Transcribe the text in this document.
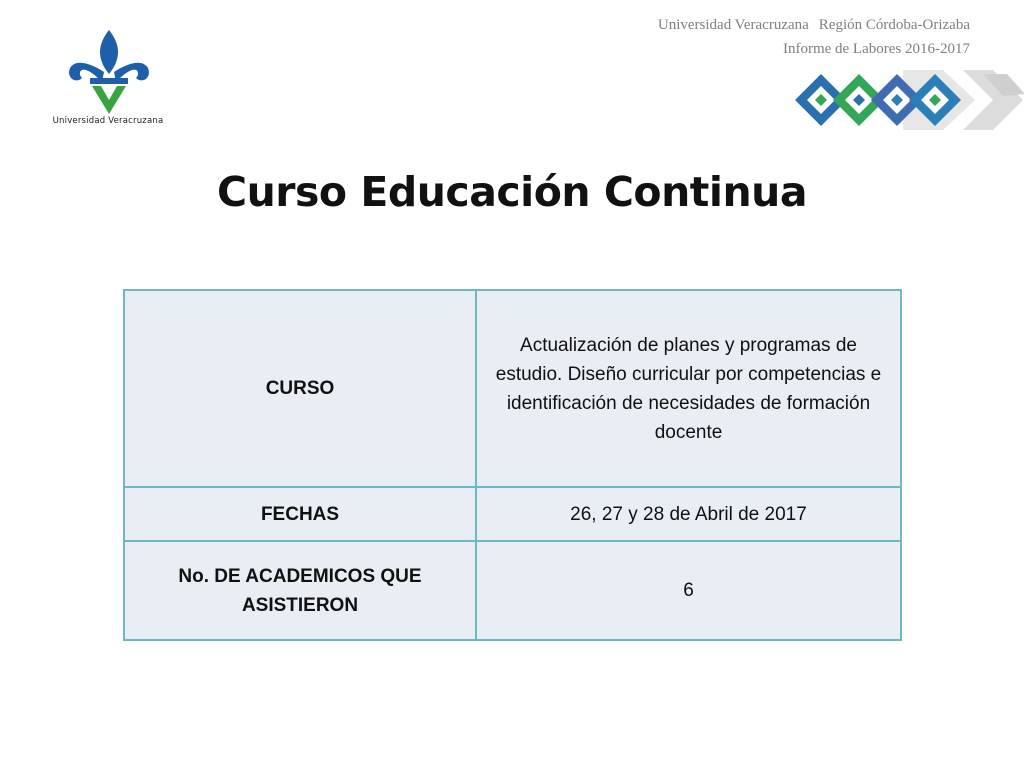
Universidad Veracruzana
Universidad Veracruzana Región Córdoba-Orizaba
Informe de Labores 2016-2017
Curso Educación Continua
CURSO	Actualización de planes y programas de estudio. Diseño curricular por competencias e identificación de necesidades de formación docente
FECHAS	26, 27 y 28 de Abril de 2017
No. DE ACADEMICOS QUE ASISTIERON	6
